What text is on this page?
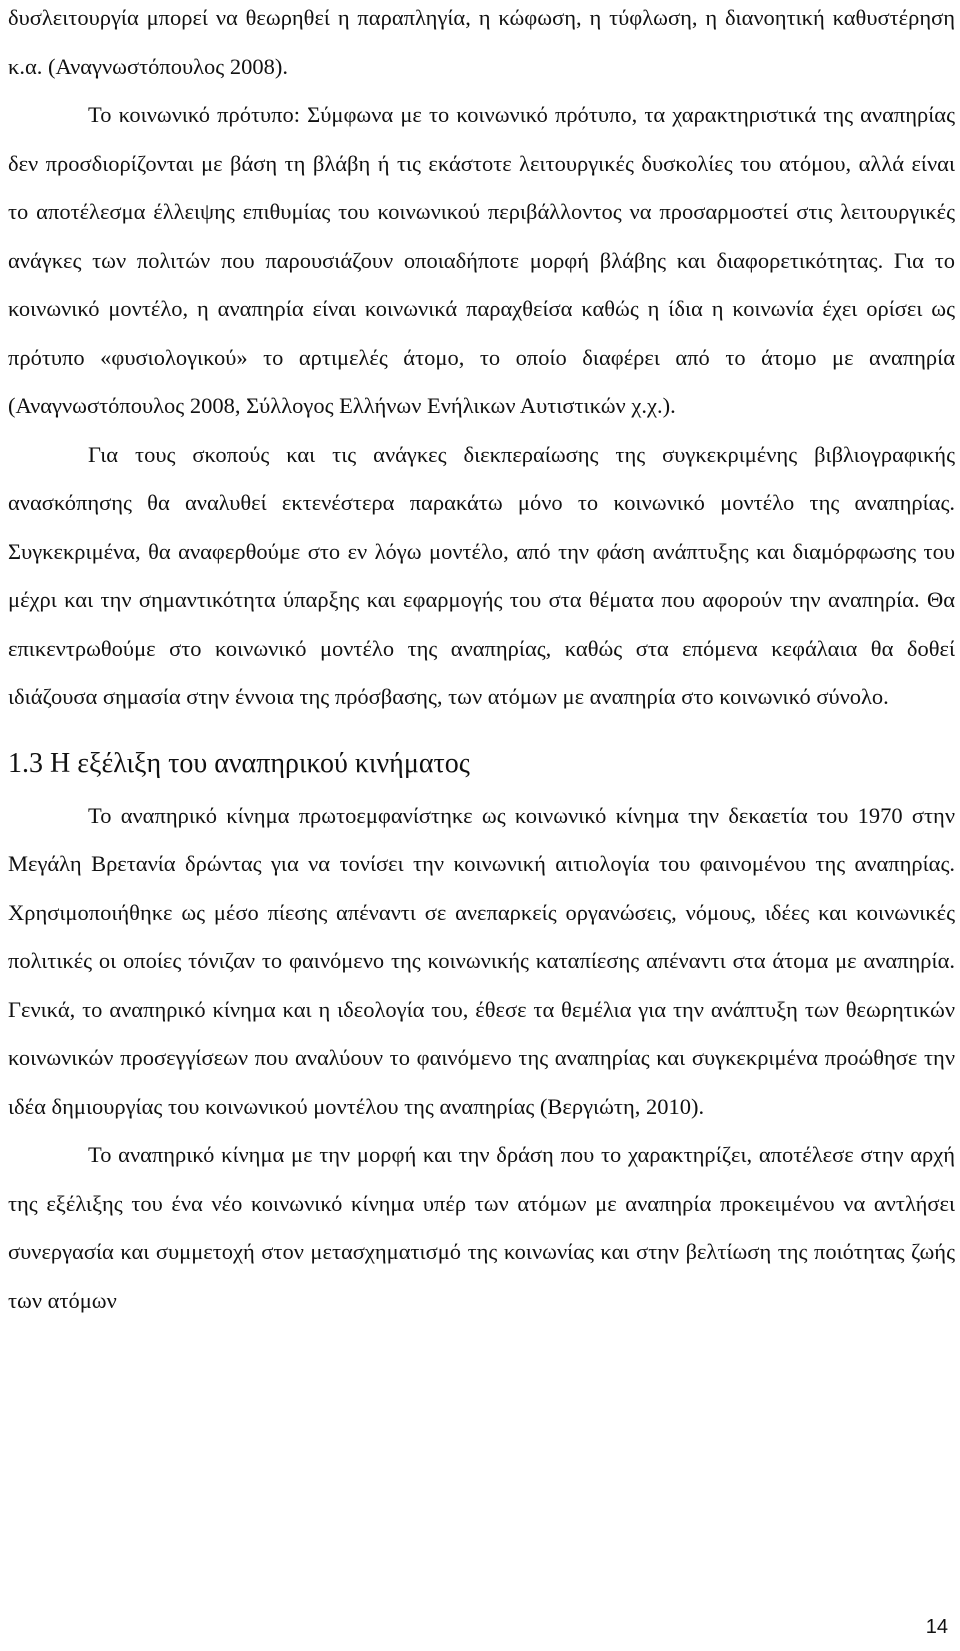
δυσλειτουργία μπορεί να θεωρηθεί η παραπληγία, η κώφωση, η τύφλωση, η διανοητική καθυστέρηση κ.α. (Αναγνωστόπουλος 2008).

Το κοινωνικό πρότυπο: Σύμφωνα με το κοινωνικό πρότυπο, τα χαρακτηριστικά της αναπηρίας δεν προσδιορίζονται με βάση τη βλάβη ή τις εκάστοτε λειτουργικές δυσκολίες του ατόμου, αλλά είναι το αποτέλεσμα έλλειψης επιθυμίας του κοινωνικού περιβάλλοντος να προσαρμοστεί στις λειτουργικές ανάγκες των πολιτών που παρουσιάζουν οποιαδήποτε μορφή βλάβης και διαφορετικότητας. Για το κοινωνικό μοντέλο, η αναπηρία είναι κοινωνικά παραχθείσα καθώς η ίδια η κοινωνία έχει ορίσει ως πρότυπο «φυσιολογικού» το αρτιμελές άτομο, το οποίο διαφέρει από το άτομο με αναπηρία (Αναγνωστόπουλος 2008, Σύλλογος Ελλήνων Ενήλικων Αυτιστικών χ.χ.).

Για τους σκοπούς και τις ανάγκες διεκπεραίωσης της συγκεκριμένης βιβλιογραφικής ανασκόπησης θα αναλυθεί εκτενέστερα παρακάτω μόνο το κοινωνικό μοντέλο της αναπηρίας. Συγκεκριμένα, θα αναφερθούμε στο εν λόγω μοντέλο, από την φάση ανάπτυξης και διαμόρφωσης του μέχρι και την σημαντικότητα ύπαρξης και εφαρμογής του στα θέματα που αφορούν την αναπηρία. Θα επικεντρωθούμε στο κοινωνικό μοντέλο της αναπηρίας, καθώς στα επόμενα κεφάλαια θα δοθεί ιδιάζουσα σημασία στην έννοια της πρόσβασης, των ατόμων με αναπηρία στο κοινωνικό σύνολο.

1.3 Η εξέλιξη του αναπηρικού κινήματος

Το αναπηρικό κίνημα πρωτοεμφανίστηκε ως κοινωνικό κίνημα την δεκαετία του 1970 στην Μεγάλη Βρετανία δρώντας για να τονίσει την κοινωνική αιτιολογία του φαινομένου της αναπηρίας. Χρησιμοποιήθηκε ως μέσο πίεσης απέναντι σε ανεπαρκείς οργανώσεις, νόμους, ιδέες και κοινωνικές πολιτικές οι οποίες τόνιζαν το φαινόμενο της κοινωνικής καταπίεσης απέναντι στα άτομα με αναπηρία. Γενικά, το αναπηρικό κίνημα και η ιδεολογία του, έθεσε τα θεμέλια για την ανάπτυξη των θεωρητικών κοινωνικών προσεγγίσεων που αναλύουν το φαινόμενο της αναπηρίας και συγκεκριμένα προώθησε την ιδέα δημιουργίας του κοινωνικού μοντέλου της αναπηρίας (Βεργιώτη, 2010).

Το αναπηρικό κίνημα με την μορφή και την δράση που το χαρακτηρίζει, αποτέλεσε στην αρχή της εξέλιξης του ένα νέο κοινωνικό κίνημα υπέρ των ατόμων με αναπηρία προκειμένου να αντλήσει συνεργασία και συμμετοχή στον μετασχηματισμό της κοινωνίας και στην βελτίωση της ποιότητας ζωής των ατόμων

14
